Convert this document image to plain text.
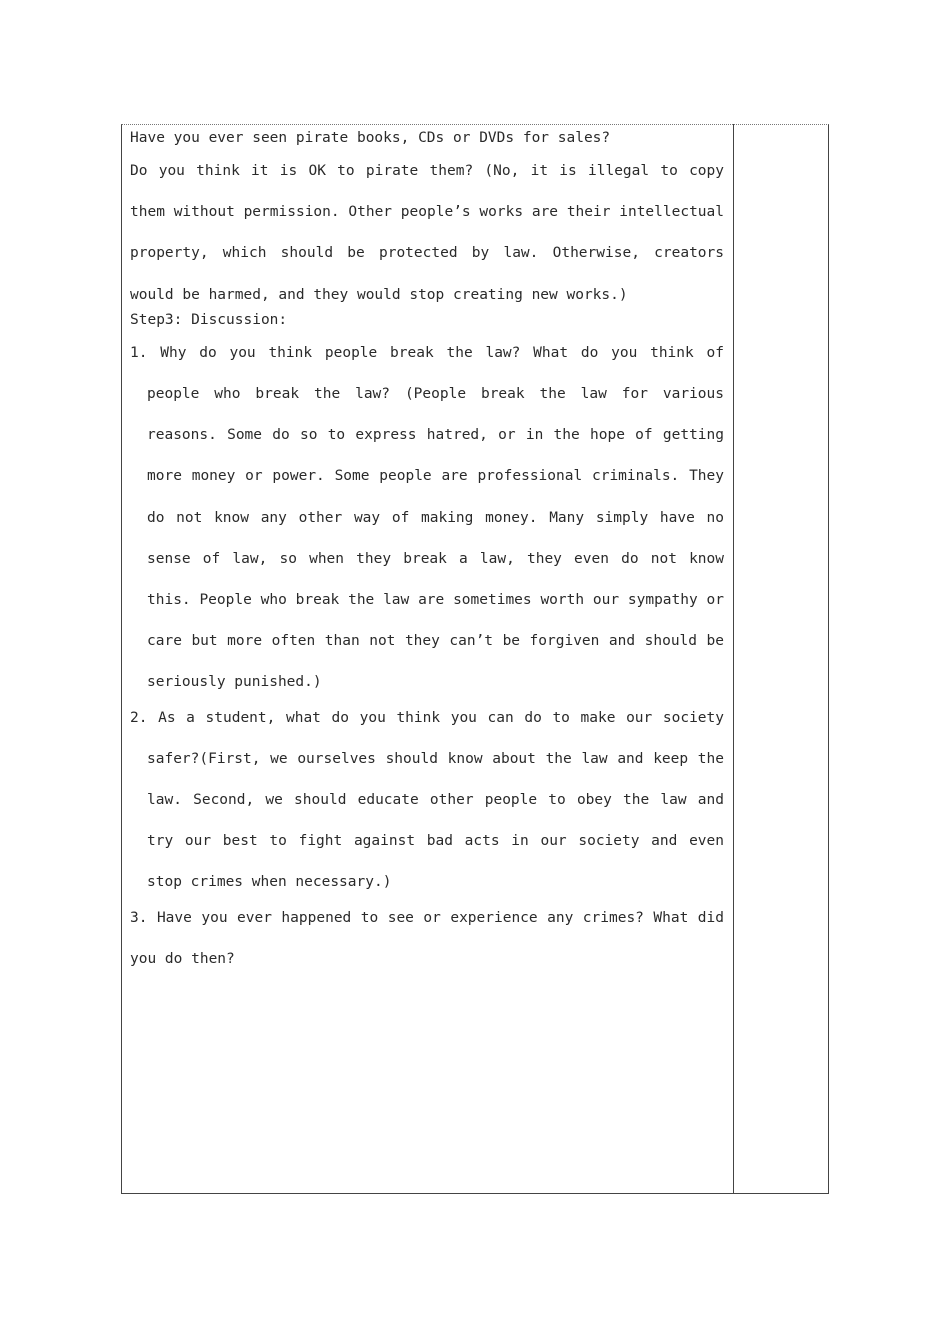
Have you ever seen pirate books, CDs or DVDs for sales?

Do you think it is OK to pirate them? (No, it is illegal to copy them without permission. Other people’s works are their intellectual property, which should be protected by law. Otherwise, creators would be harmed, and they would stop creating new works.)

Step3: Discussion:

1. Why do you think people break the law? What do you think of people who break the law? (People break the law for various reasons. Some do so to express hatred, or in the hope of getting more money or power. Some people are professional criminals. They do not know any other way of making money. Many simply have no sense of law, so when they break a law, they even do not know this. People who break the law are sometimes worth our sympathy or care but more often than not they can’t be forgiven and should be seriously punished.)

2. As a student, what do you think you can do to make our society safer?(First, we ourselves should know about the law and keep the law. Second, we should educate other people to obey the law and try our best to fight against bad acts in our society and even stop crimes when necessary.)

3. Have you ever happened to see or experience any crimes? What did you do then?
